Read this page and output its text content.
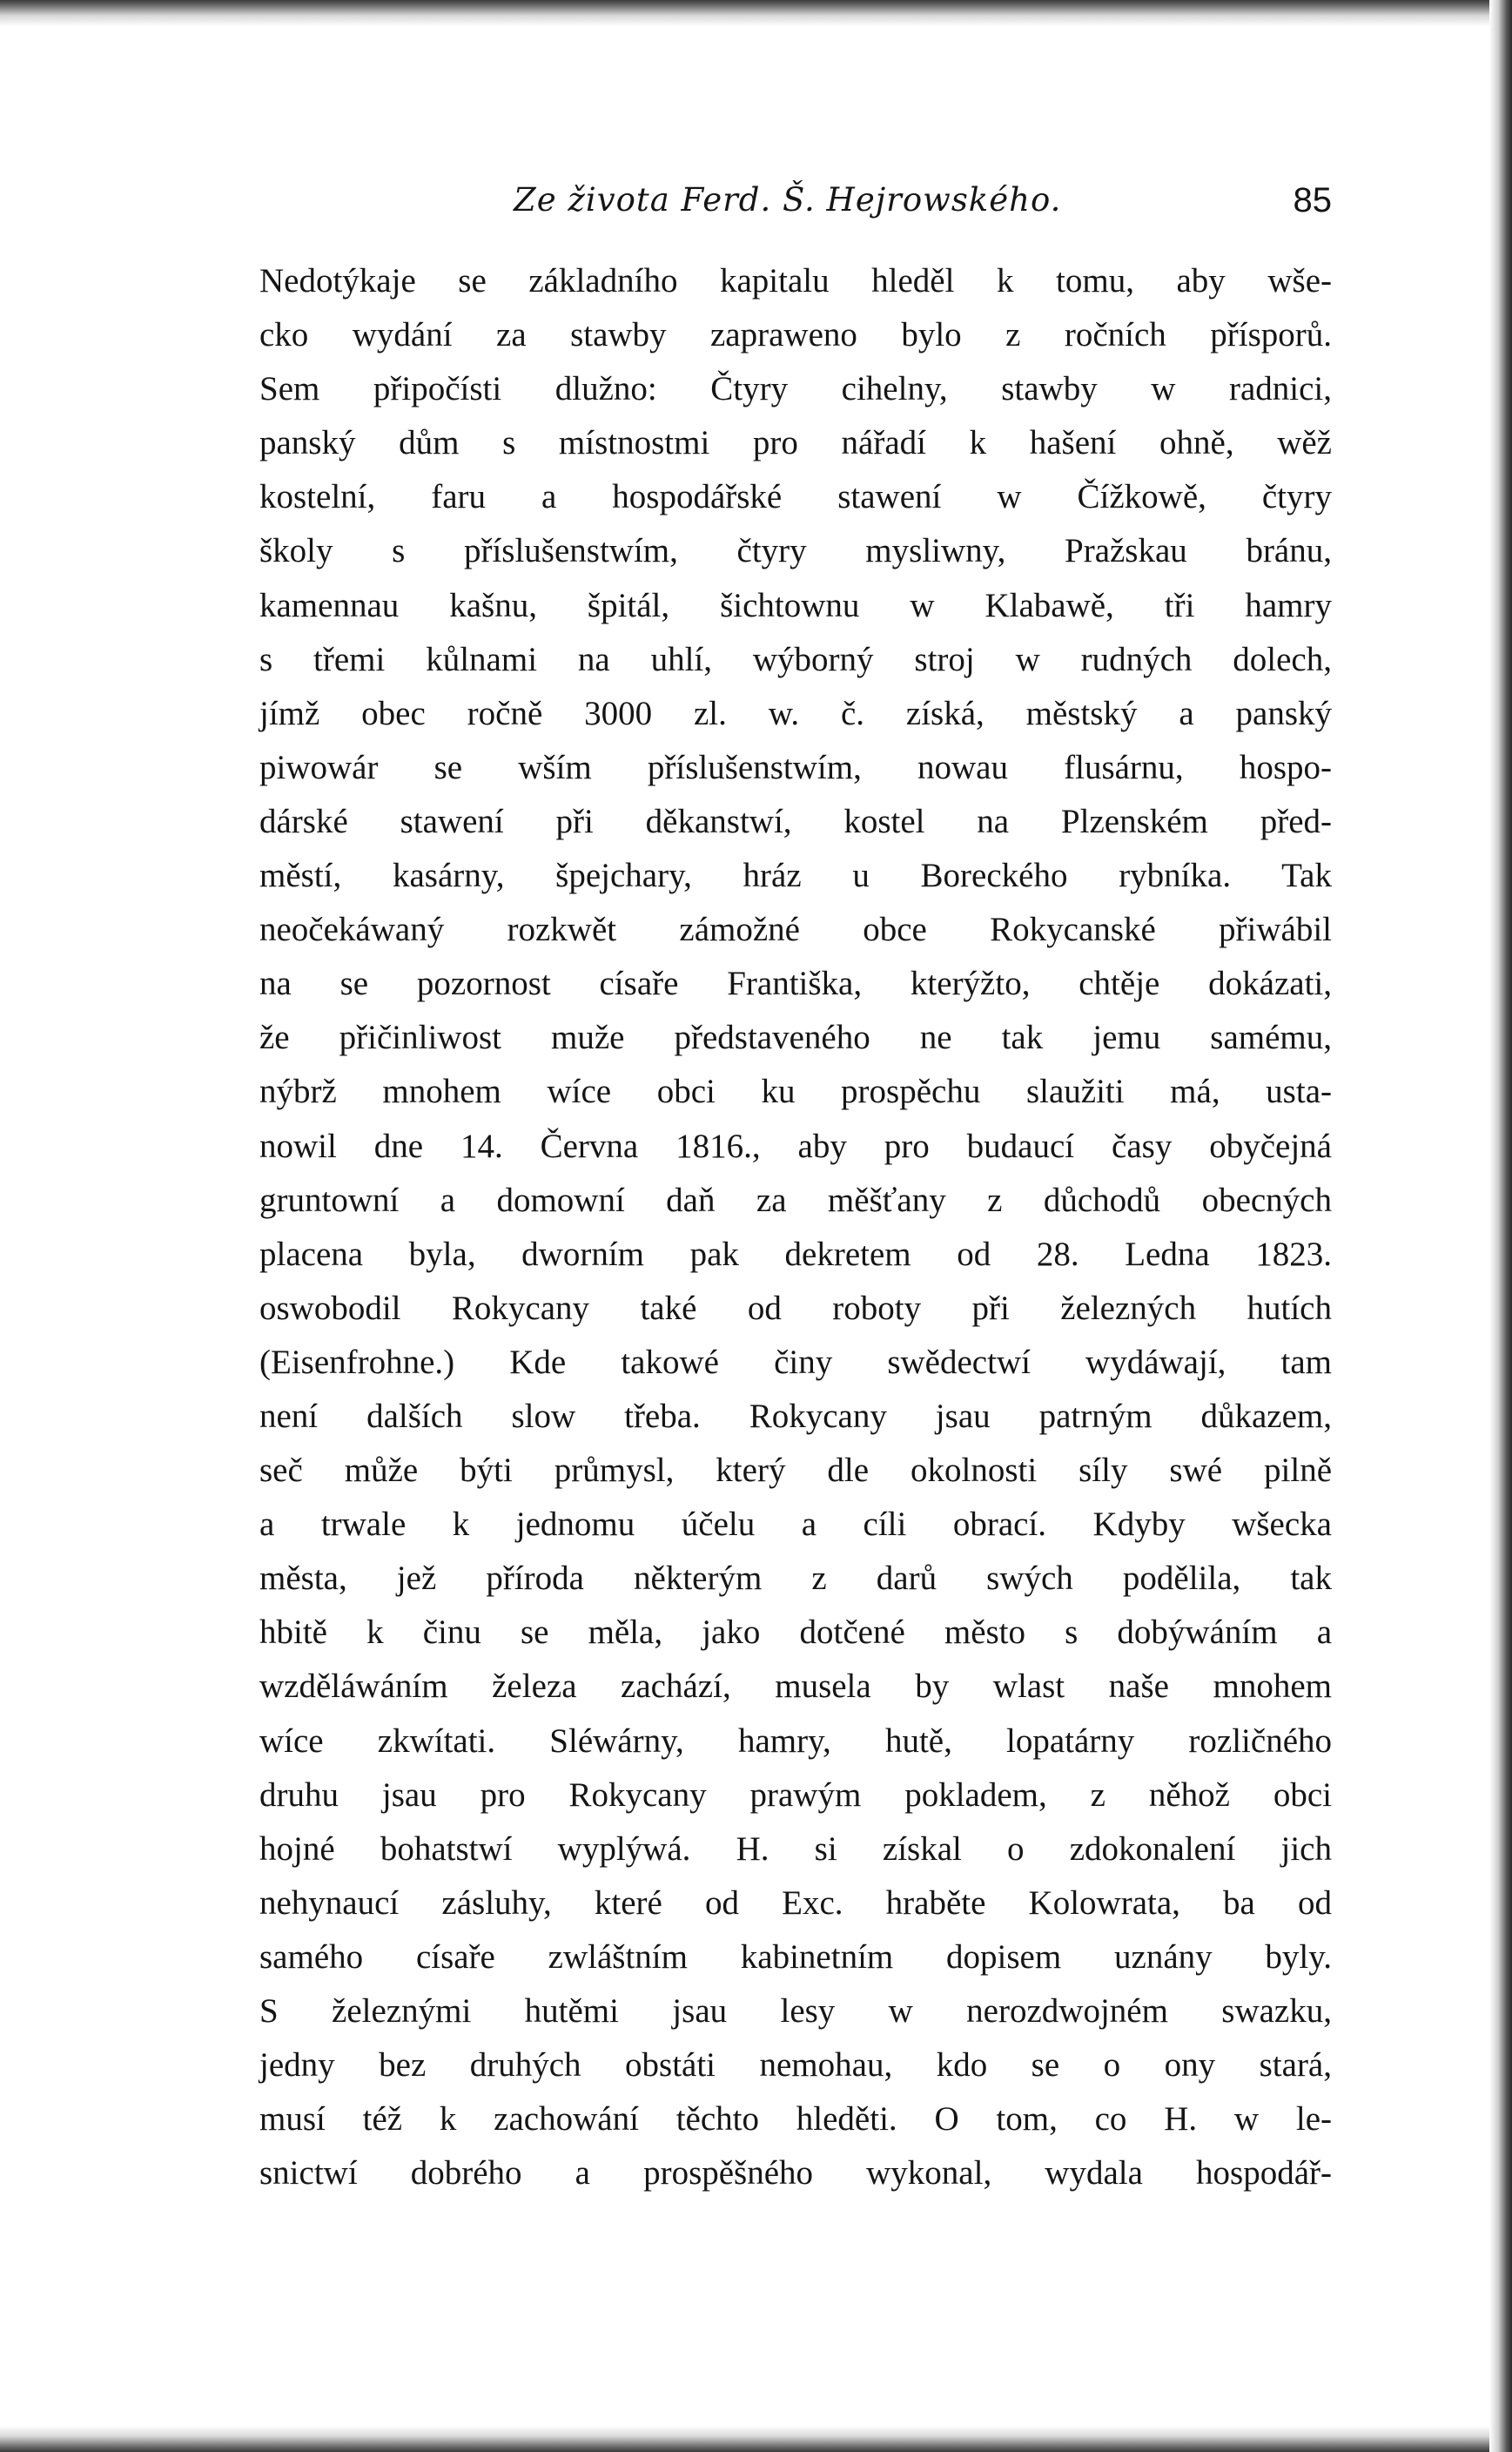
Ze života Ferd. Š. Hejrowského.	85
Nedotýkaje se základního kapitalu hleděl k tomu, aby wše-
cko wydání za stawby zapraweno bylo z ročních přísporů.
Sem připočísti dlužno: Čtyry cihelny, stawby w radnici,
panský dům s místnostmi pro nářadí k hašení ohně, wěž
kostelní, faru a hospodářské stawení w Čížkowě, čtyry
školy s příslušenstwím, čtyry mysliwny, Pražskau bránu,
kamennau kašnu, špitál, šichtownu w Klabawě, tři hamry
s třemi kůlnami na uhlí, wýborný stroj w rudných dolech,
jímž obec ročně 3000 zl. w. č. získá, městský a panský
piwowár se wším příslušenstwím, nowau flusárnu, hospo-
dárské stawení při děkanstwí, kostel na Plzenském před-
městí, kasárny, špejchary, hráz u Boreckého rybníka. Tak
neočekáwaný rozkwět zámožné obce Rokycanské přiwábil
na se pozornost císaře Františka, kterýžto, chtěje dokázati,
že přičinliwost muže představeného ne tak jemu samému,
nýbrž mnohem wíce obci ku prospěchu slaužiti má, usta-
nowil dne 14. Června 1816., aby pro budaucí časy obyčejná
gruntowní a domowní daň za měšťany z důchodů obecných
placena byla, dworním pak dekretem od 28. Ledna 1823.
oswobodil Rokycany také od roboty při železných hutích
(Eisenfrohne.) Kde takowé činy swědectwí wydáwají, tam
není dalších slow třeba. Rokycany jsau patrným důkazem,
seč může býti průmysl, který dle okolnosti síly swé pilně
a trwale k jednomu účelu a cíli obrací. Kdyby wšecka
města, jež příroda některým z darů swých podělila, tak
hbitě k činu se měla, jako dotčené město s dobýwáním a
wzděláwáním železa zachází, musela by wlast naše mnohem
wíce zkwítati. Sléwárny, hamry, hutě, lopatárny rozličného
druhu jsau pro Rokycany prawým pokladem, z něhož obci
hojné bohatstwí wyplýwá. H. si získal o zdokonalení jich
nehynaucí zásluhy, které od Exc. hraběte Kolowrata, ba od
samého císaře zwláštním kabinetním dopisem uznány byly.
S železnými hutěmi jsau lesy w nerozdwojném swazku,
jedny bez druhých obstáti nemohau, kdo se o ony stará,
musí též k zachowání těchto hleděti. O tom, co H. w le-
snictwí dobrého a prospěšného wykonal, wydala hospodář-
